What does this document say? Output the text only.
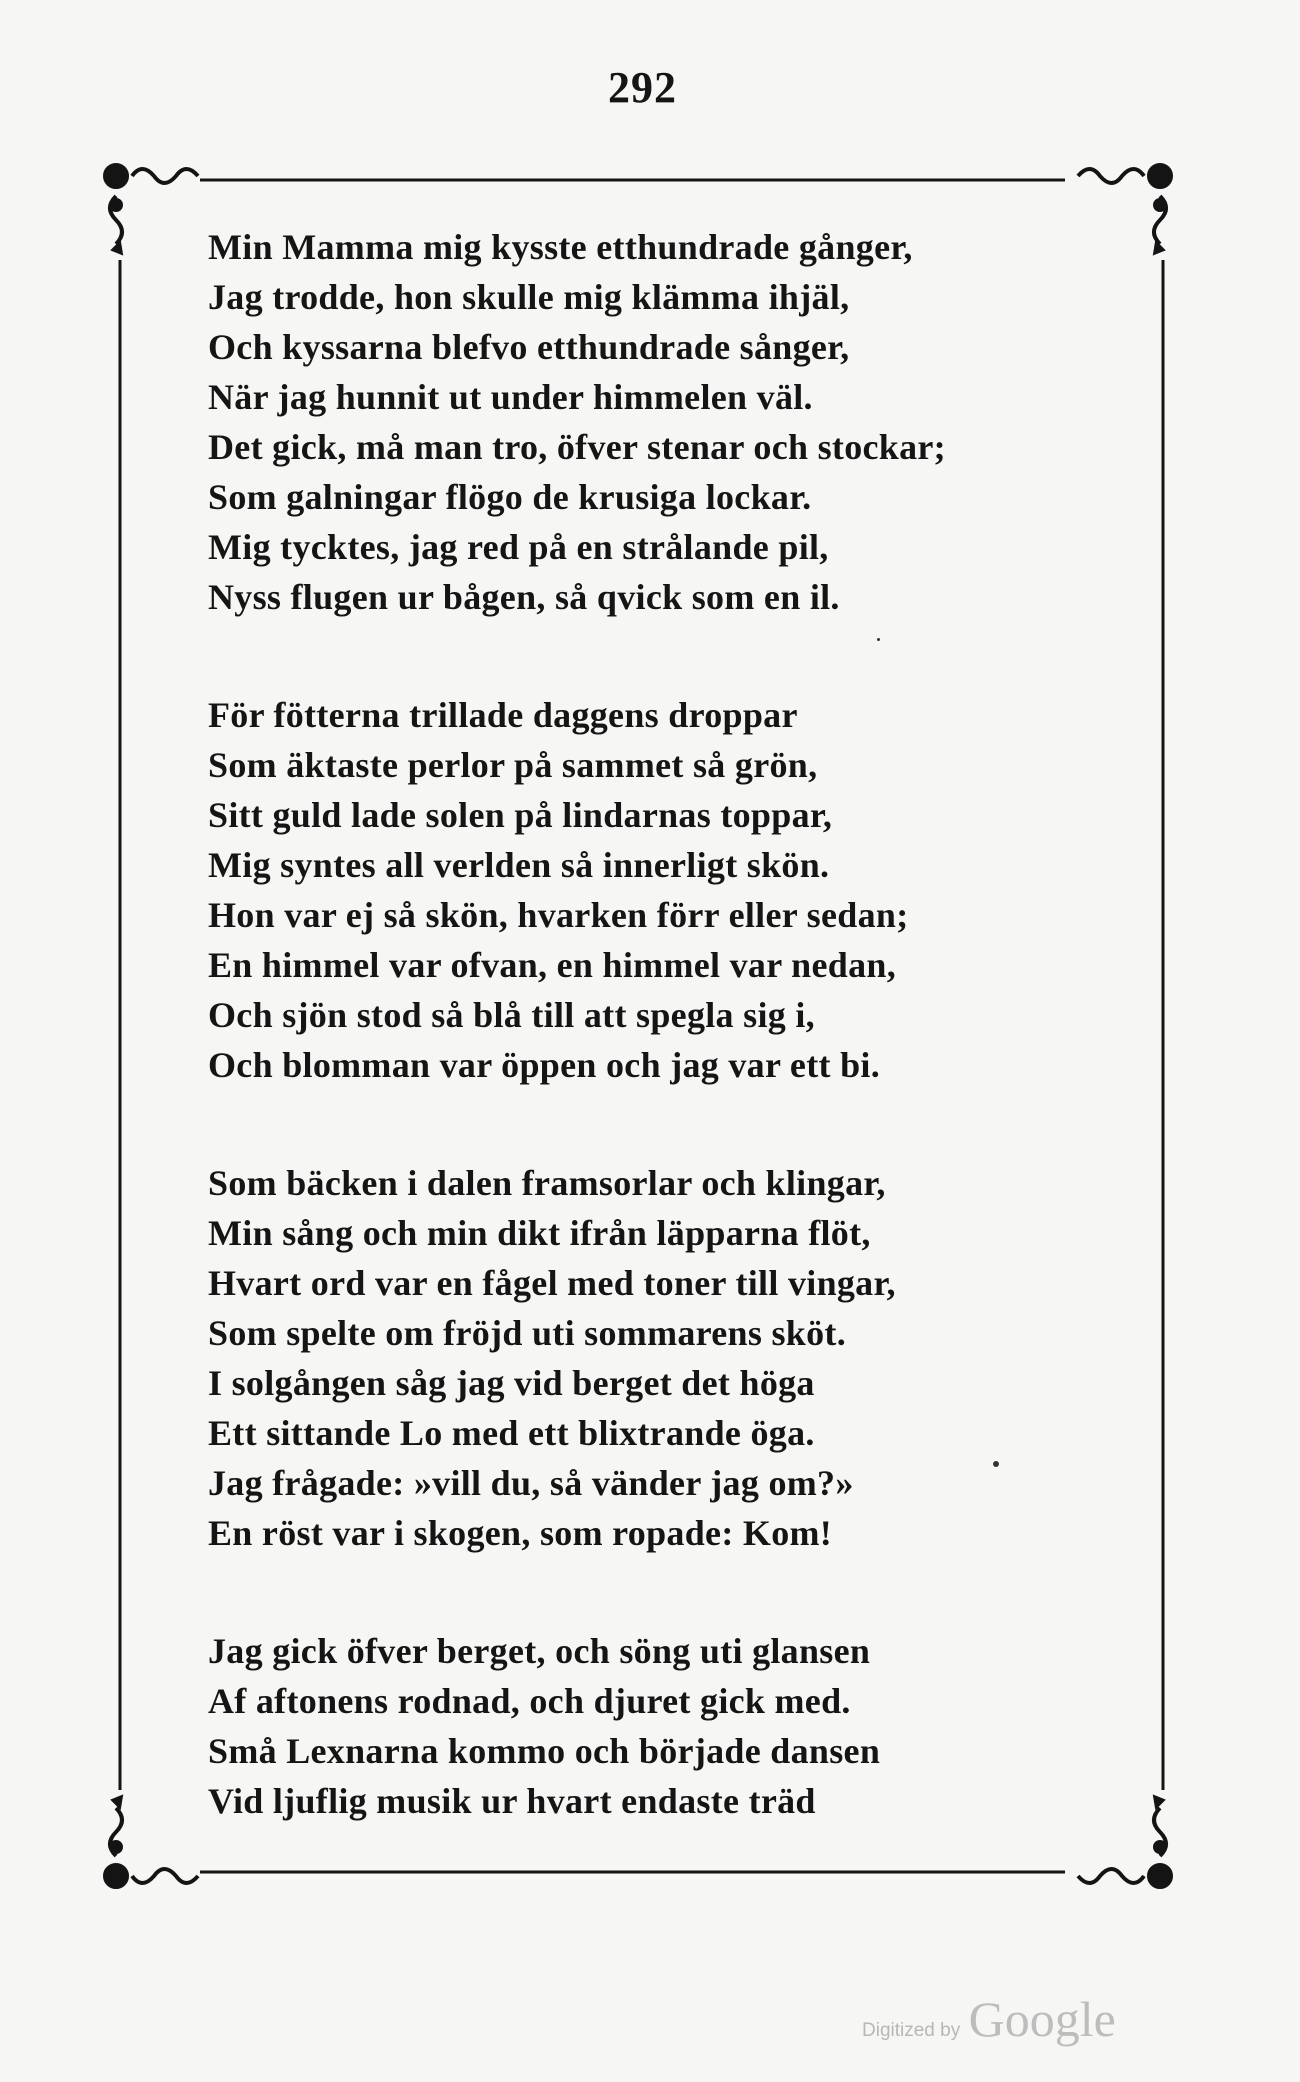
292
Min Mamma mig kysste etthundrade gånger,
Jag trodde, hon skulle mig klämma ihjäl,
Och kyssarna blefvo etthundrade sånger,
När jag hunnit ut under himmelen väl.
Det gick, må man tro, öfver stenar och stockar;
Som galningar flögo de krusiga lockar.
Mig tycktes, jag red på en strålande pil,
Nyss flugen ur bågen, så qvick som en il.
För fötterna trillade daggens droppar
Som äktaste perlor på sammet så grön,
Sitt guld lade solen på lindarnas toppar,
Mig syntes all verlden så innerligt skön.
Hon var ej så skön, hvarken förr eller sedan;
En himmel var ofvan, en himmel var nedan,
Och sjön stod så blå till att spegla sig i,
Och blomman var öppen och jag var ett bi.
Som bäcken i dalen framsorlar och klingar,
Min sång och min dikt ifrån läpparna flöt,
Hvart ord var en fågel med toner till vingar,
Som spelte om fröjd uti sommarens sköt.
I solgången såg jag vid berget det höga
Ett sittande Lo med ett blixtrande öga.
Jag frågade: »vill du, så vänder jag om?»
En röst var i skogen, som ropade: Kom!
Jag gick öfver berget, och söng uti glansen
Af aftonens rodnad, och djuret gick med.
Små Lexnarna kommo och började dansen
Vid ljuflig musik ur hvart endaste träd
Digitized by Google
